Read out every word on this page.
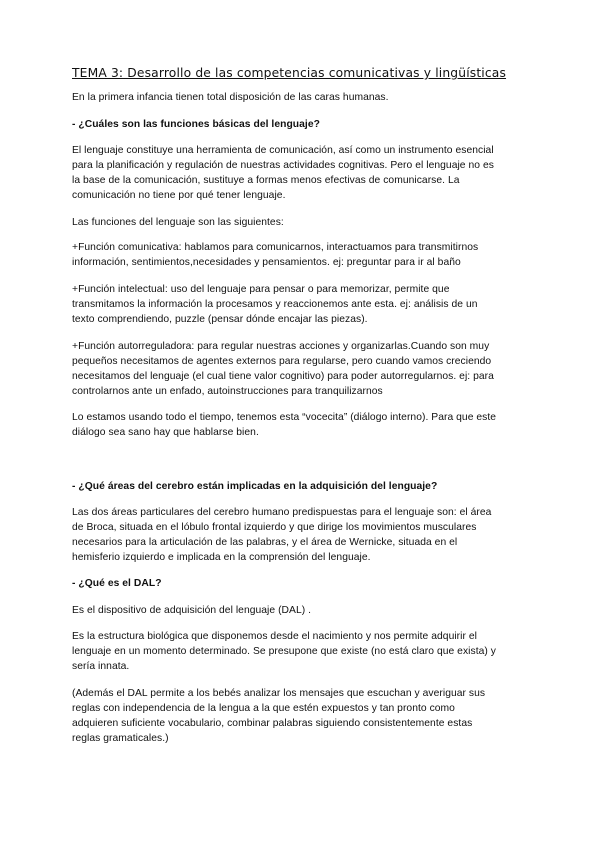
TEMA 3: Desarrollo de las competencias comunicativas y lingüísticas
En la primera infancia tienen total disposición de las caras humanas.
- ¿Cuáles son las funciones básicas del lenguaje?
El lenguaje constituye una herramienta de comunicación, así como un instrumento esencial
para la planificación y regulación de nuestras actividades cognitivas. Pero el lenguaje no es
la base de la comunicación, sustituye a formas menos efectivas de comunicarse. La
comunicación no tiene por qué tener lenguaje.
Las funciones del lenguaje son las siguientes:
+Función comunicativa: hablamos para comunicarnos, interactuamos para transmitirnos
información, sentimientos,necesidades y pensamientos. ej: preguntar para ir al baño
+Función intelectual: uso del lenguaje para pensar o para memorizar, permite que
transmitamos la información la procesamos y reaccionemos ante esta. ej: análisis de un
texto comprendiendo, puzzle (pensar dónde encajar las piezas).
+Función autorreguladora: para regular nuestras acciones y organizarlas.Cuando son muy
pequeños necesitamos de agentes externos para regularse, pero cuando vamos creciendo
necesitamos del lenguaje (el cual tiene valor cognitivo) para poder autorregularnos. ej: para
controlarnos ante un enfado, autoinstrucciones para tranquilizarnos
Lo estamos usando todo el tiempo, tenemos esta “vocecita” (diálogo interno). Para que este
diálogo sea sano hay que hablarse bien.
- ¿Qué áreas del cerebro están implicadas en la adquisición del lenguaje?
Las dos áreas particulares del cerebro humano predispuestas para el lenguaje son: el área
de Broca, situada en el lóbulo frontal izquierdo y que dirige los movimientos musculares
necesarios para la articulación de las palabras, y el área de Wernicke, situada en el
hemisferio izquierdo e implicada en la comprensión del lenguaje.
- ¿Qué es el DAL?
Es el dispositivo de adquisición del lenguaje (DAL) .
Es la estructura biológica que disponemos desde el nacimiento y nos permite adquirir el
lenguaje en un momento determinado. Se presupone que existe (no está claro que exista) y
sería innata.
(Además el DAL permite a los bebés analizar los mensajes que escuchan y averiguar sus
reglas con independencia de la lengua a la que estén expuestos y tan pronto como
adquieren suficiente vocabulario, combinar palabras siguiendo consistentemente estas
reglas gramaticales.)
